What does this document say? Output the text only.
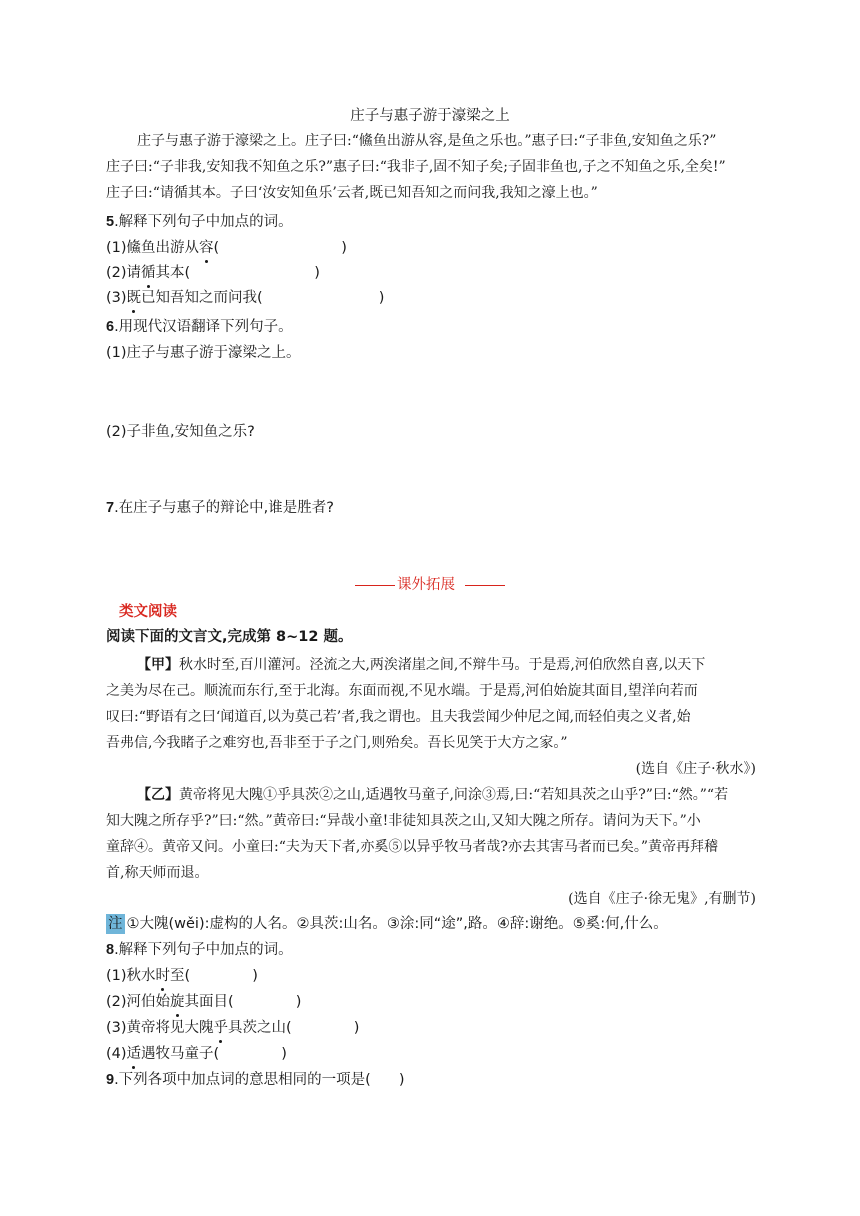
庄子与惠子游于濠梁之上
庄子与惠子游于濠梁之上。庄子曰:“鯈鱼出游从容,是鱼之乐也。”惠子曰:“子非鱼,安知鱼之乐?”
庄子曰:“子非我,安知我不知鱼之乐?”惠子曰:“我非子,固不知子矣;子固非鱼也,子之不知鱼之乐,全矣!”
庄子曰:“请循其本。子曰‘汝安知鱼乐’云者,既已知吾知之而问我,我知之濠上也。”
5.解释下列句子中加点的词。
(1)鯈鱼出游从容(	)
(2)请循其本(	)
(3)既已知吾知之而问我(	)
6.用现代汉语翻译下列句子。
(1)庄子与惠子游于濠梁之上。
(2)子非鱼,安知鱼之乐?
7.在庄子与惠子的辩论中,谁是胜者?
课外拓展
类文阅读
阅读下面的文言文,完成第 8~12 题。
【甲】秋水时至,百川灌河。泾流之大,两涘渚崖之间,不辩牛马。于是焉,河伯欣然自喜,以天下
之美为尽在己。顺流而东行,至于北海。东面而视,不见水端。于是焉,河伯始旋其面目,望洋向若而
叹曰:“野语有之曰‘闻道百,以为莫己若’者,我之谓也。且夫我尝闻少仲尼之闻,而轻伯夷之义者,始
吾弗信,今我睹子之难穷也,吾非至于子之门,则殆矣。吾长见笑于大方之家。”
(选自《庄子·秋水》)
【乙】黄帝将见大隗①乎具茨②之山,适遇牧马童子,问涂③焉,曰:“若知具茨之山乎?”曰:“然。”“若
知大隗之所存乎?”曰:“然。”黄帝曰:“异哉小童!非徒知具茨之山,又知大隗之所存。请问为天下。”小
童辞④。黄帝又问。小童曰:“夫为天下者,亦奚⑤以异乎牧马者哉?亦去其害马者而已矣。”黄帝再拜稽
首,称天师而退。
(选自《庄子·徐无鬼》,有删节)
注 ①大隗(wěi):虚构的人名。②具茨:山名。③涂:同“途”,路。④辞:谢绝。⑤奚:何,什么。
8.解释下列句子中加点的词。
(1)秋水时至(	)
(2)河伯始旋其面目(	)
(3)黄帝将见大隗乎具茨之山(	)
(4)适遇牧马童子(	)
9.下列各项中加点词的意思相同的一项是( )
